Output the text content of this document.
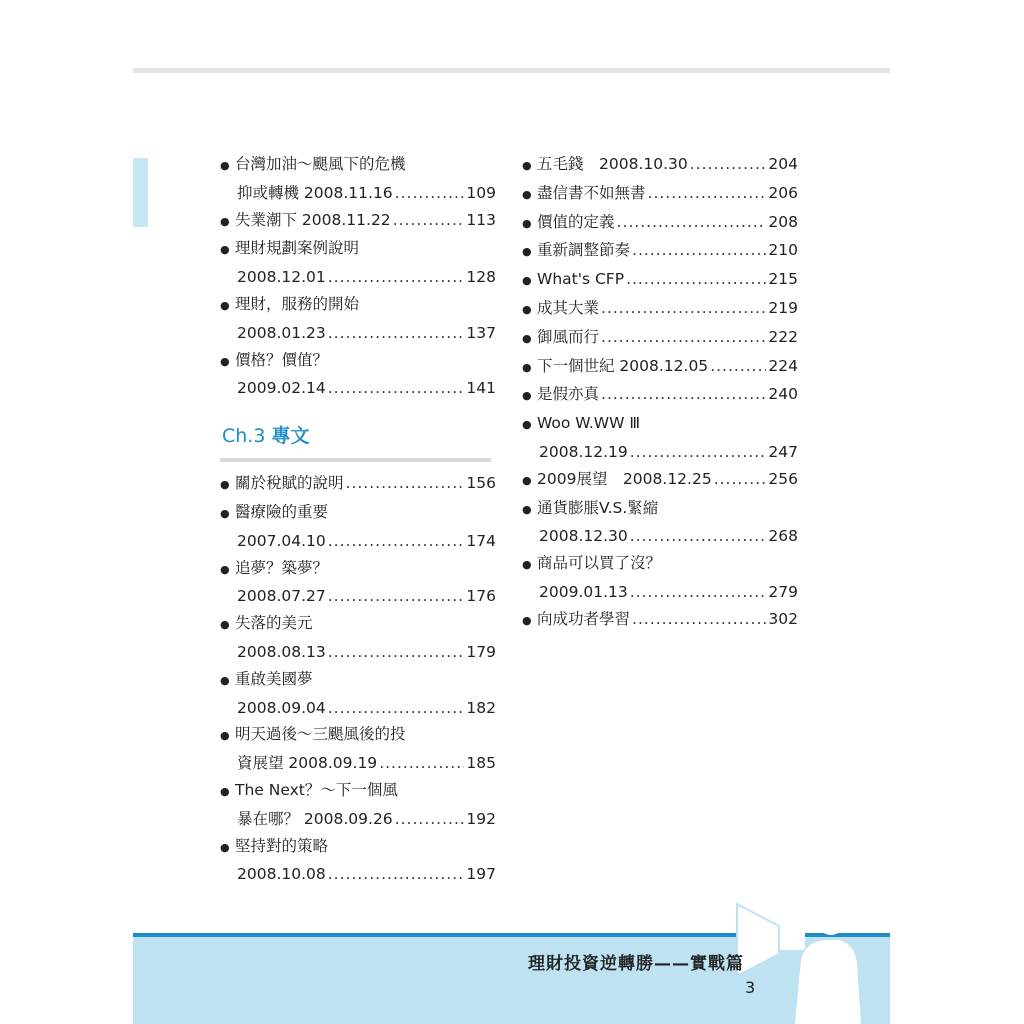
● 台灣加油～颶風下的危機
抑或轉機 2008.11.16 .....	109
● 失業潮下 2008.11.22 .....	113
● 理財規劃案例說明
2008.12.01 .....	128
● 理財，服務的開始
2008.01.23 .....	137
● 價格？價值？
2009.02.14 .....	141
Ch.3 專文
● 關於稅賦的說明 .....	156
● 醫療險的重要
2007.04.10 .....	174
● 追夢？築夢？
2008.07.27 .....	176
● 失落的美元
2008.08.13 .....	179
● 重啟美國夢
2008.09.04 .....	182
● 明天過後～三颶風後的投
資展望 2008.09.19 .....	185
● The Next？～下一個風
暴在哪？ 2008.09.26 .....	192
● 堅持對的策略
2008.10.08 .....	197
● 五毛錢　2008.10.30 .....	204
● 盡信書不如無書 .....	206
● 價值的定義 .....	208
● 重新調整節奏 .....	210
● What's CFP .....	215
● 成其大業 .....	219
● 御風而行 .....	222
● 下一個世紀 2008.12.05 .....	224
● 是假亦真 .....	240
● Woo W.WW Ⅲ
2008.12.19 .....	247
● 2009展望　2008.12.25 .....	256
● 通貨膨脹V.S.緊縮
2008.12.30 .....	268
● 商品可以買了沒？
2009.01.13 .....	279
● 向成功者學習 .....	302
理財投資逆轉勝——實戰篇
3
